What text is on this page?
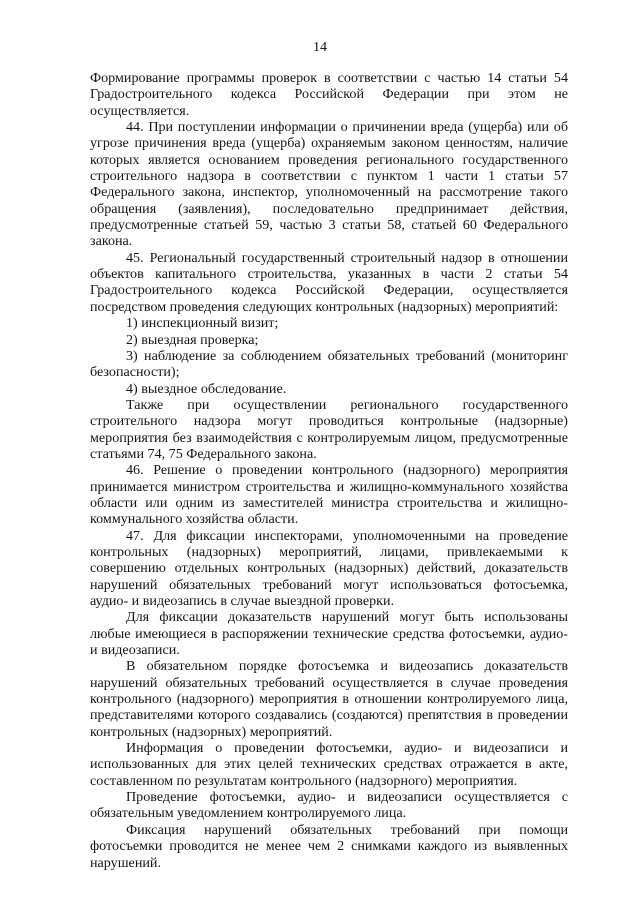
14

Формирование программы проверок в соответствии с частью 14 статьи 54 Градостроительного кодекса Российской Федерации при этом не осуществляется.

44. При поступлении информации о причинении вреда (ущерба) или об угрозе причинения вреда (ущерба) охраняемым законом ценностям, наличие которых является основанием проведения регионального государственного строительного надзора в соответствии с пунктом 1 части 1 статьи 57 Федерального закона, инспектор, уполномоченный на рассмотрение такого обращения (заявления), последовательно предпринимает действия, предусмотренные статьей 59, частью 3 статьи 58, статьей 60 Федерального закона.

45. Региональный государственный строительный надзор в отношении объектов капитального строительства, указанных в части 2 статьи 54 Градостроительного кодекса Российской Федерации, осуществляется посредством проведения следующих контрольных (надзорных) мероприятий:

1) инспекционный визит;

2) выездная проверка;

3) наблюдение за соблюдением обязательных требований (мониторинг безопасности);

4) выездное обследование.

Также при осуществлении регионального государственного строительного надзора могут проводиться контрольные (надзорные) мероприятия без взаимодействия с контролируемым лицом, предусмотренные статьями 74, 75 Федерального закона.

46. Решение о проведении контрольного (надзорного) мероприятия принимается министром строительства и жилищно-коммунального хозяйства области или одним из заместителей министра строительства и жилищно-коммунального хозяйства области.

47. Для фиксации инспекторами, уполномоченными на проведение контрольных (надзорных) мероприятий, лицами, привлекаемыми к совершению отдельных контрольных (надзорных) действий, доказательств нарушений обязательных требований могут использоваться фотосъемка, аудио- и видеозапись в случае выездной проверки.

Для фиксации доказательств нарушений могут быть использованы любые имеющиеся в распоряжении технические средства фотосъемки, аудио- и видеозаписи.

В обязательном порядке фотосъемка и видеозапись доказательств нарушений обязательных требований осуществляется в случае проведения контрольного (надзорного) мероприятия в отношении контролируемого лица, представителями которого создавались (создаются) препятствия в проведении контрольных (надзорных) мероприятий.

Информация о проведении фотосъемки, аудио- и видеозаписи и использованных для этих целей технических средствах отражается в акте, составленном по результатам контрольного (надзорного) мероприятия.

Проведение фотосъемки, аудио- и видеозаписи осуществляется с обязательным уведомлением контролируемого лица.

Фиксация нарушений обязательных требований при помощи фотосъемки проводится не менее чем 2 снимками каждого из выявленных нарушений.
